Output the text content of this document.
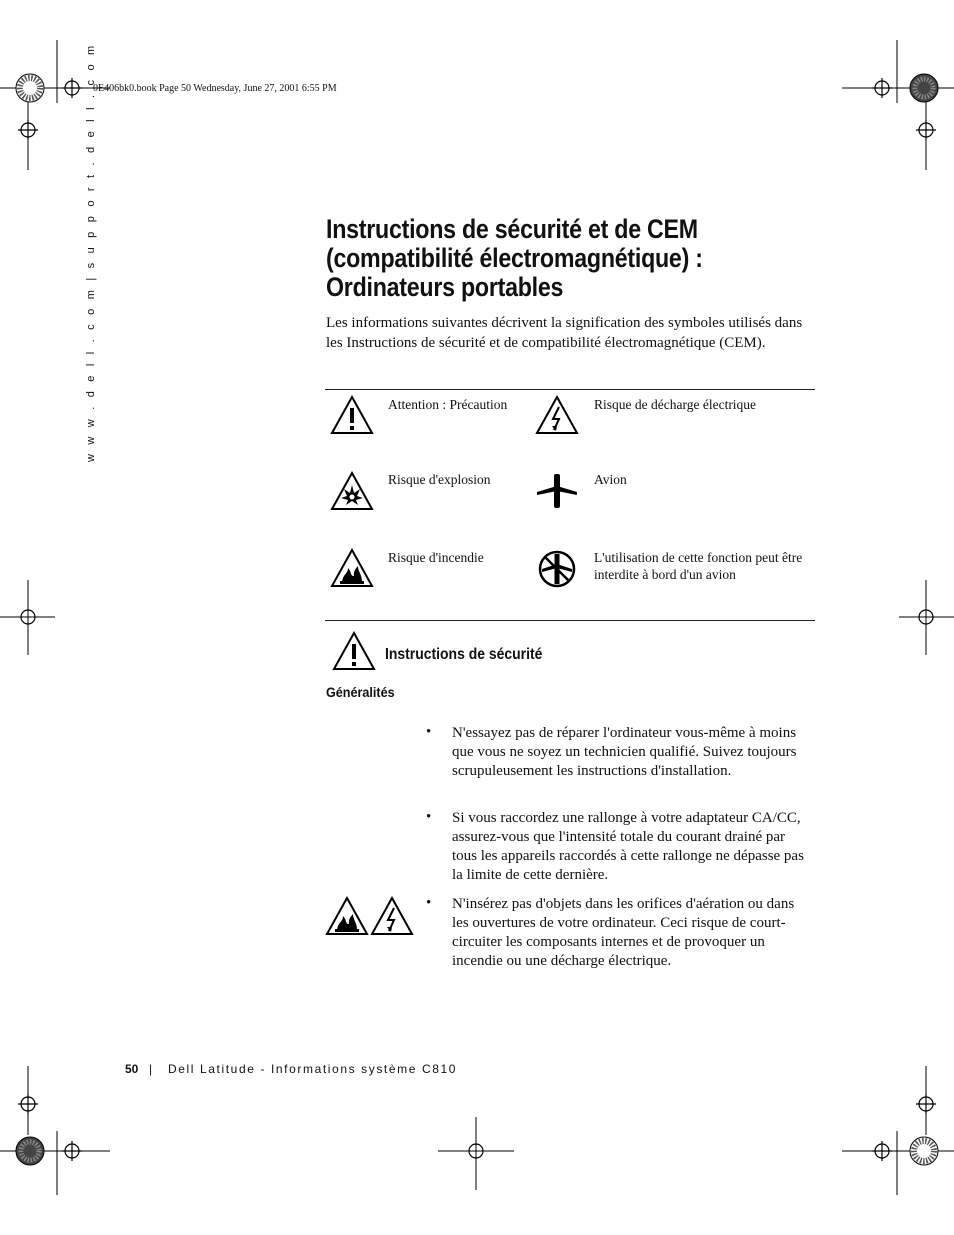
0E406bk0.book Page 50 Wednesday, June 27, 2001 6:55 PM
w w w . d e l l . c o m | s u p p o r t . d e l l . c o m	Instructions de sécurité et de CEM (compatibilité électromagnétique) : Ordinateurs portables

Les informations suivantes décrivent la signification des symboles utilisés dans les Instructions de sécurité et de compatibilité électromagnétique (CEM).

Attention : Précaution	Risque de décharge électrique
Risque d'explosion	Avion
Risque d'incendie	L'utilisation de cette fonction peut être interdite à bord d'un avion
Instructions de sécurité
Généralités
• N'essayez pas de réparer l'ordinateur vous-même à moins que vous ne soyez un technicien qualifié. Suivez toujours scrupuleusement les instructions d'installation.
• Si vous raccordez une rallonge à votre adaptateur CA/CC, assurez-vous que l'intensité totale du courant drainé par tous les appareils raccordés à cette rallonge ne dépasse pas la limite de cette dernière.
• N'insérez pas d'objets dans les orifices d'aération ou dans les ouvertures de votre ordinateur. Ceci risque de court-circuiter les composants internes et de provoquer un incendie ou une décharge électrique.
50 | Dell Latitude - Informations système C810
